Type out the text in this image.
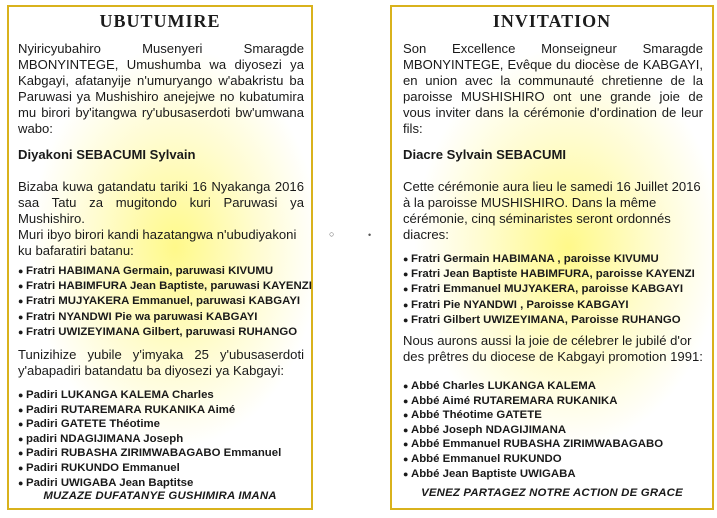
UBUTUMIRE

Nyiricyubahiro Musenyeri Smaragde MBONYINTEGE, Umushumba wa diyosezi ya Kabgayi, afatanyije n'umuryango w'abakristu ba Paruwasi ya Mushishiro anejejwe no kubatumira mu birori by'itangwa ry'ubusaserdoti bw'umwana wabo:

Diyakoni SEBACUMI Sylvain

Bizaba kuwa gatandatu tariki 16 Nyakanga 2016 saa Tatu za mugitondo kuri Paruwasi ya Mushishiro.

Muri ibyo birori kandi hazatangwa n'ubudiyakoni ku bafaratiri batanu:

● Fratri HABIMANA Germain, paruwasi KIVUMU
● Fratri HABIMFURA Jean Baptiste, paruwasi KAYENZI
● Fratri MUJYAKERA Emmanuel, paruwasi KABGAYI
● Fratri NYANDWI Pie wa paruwasi KABGAYI
● Fratri UWIZEYIMANA Gilbert, paruwasi RUHANGO

Tunizihize yubile y'imyaka 25 y'ubusaserdoti y'abapadiri batandatu ba diyosezi ya Kabgayi:

● Padiri LUKANGA KALEMA Charles
● Padiri RUTAREMARA RUKANIKA Aimé
● Padiri GATETE Théotime
● padiri NDAGIJIMANA Joseph
● Padiri RUBASHA ZIRIMWABAGABO Emmanuel
● Padiri RUKUNDO Emmanuel
● Padiri UWIGABA Jean Baptitse
MUZAZE DUFATANYE GUSHIMIRA IMANA
○	•
INVITATION

Son Excellence Monseigneur Smaragde MBONYINTEGE, Evêque du diocèse de KABGAYI, en union avec la communauté chretienne de la paroisse MUSHISHIRO ont une grande joie de vous inviter dans la cérémonie d'ordination de leur fils:

Diacre Sylvain SEBACUMI

Cette cérémonie aura lieu le samedi 16 Juillet 2016 à la paroisse MUSHISHIRO. Dans la même cérémonie, cinq séminaristes seront ordonnés diacres:

● Fratri Germain HABIMANA , paroisse KIVUMU
● Fratri Jean Baptiste HABIMFURA, paroisse KAYENZI
● Fratri Emmanuel MUJYAKERA, paroisse KABGAYI
● Fratri Pie NYANDWI , Paroisse KABGAYI
● Fratri Gilbert UWIZEYIMANA, Paroisse RUHANGO

Nous aurons aussi la joie de célebrer le jubilé d'or des prêtres du diocese de Kabgayi promotion 1991:

● Abbé Charles LUKANGA KALEMA
● Abbé Aimé RUTAREMARA RUKANIKA
● Abbé Théotime GATETE
● Abbé Joseph NDAGIJIMANA
● Abbé Emmanuel RUBASHA ZIRIMWABAGABO
● Abbé Emmanuel RUKUNDO
● Abbé Jean Baptiste UWIGABA
VENEZ PARTAGEZ NOTRE ACTION DE GRACE
